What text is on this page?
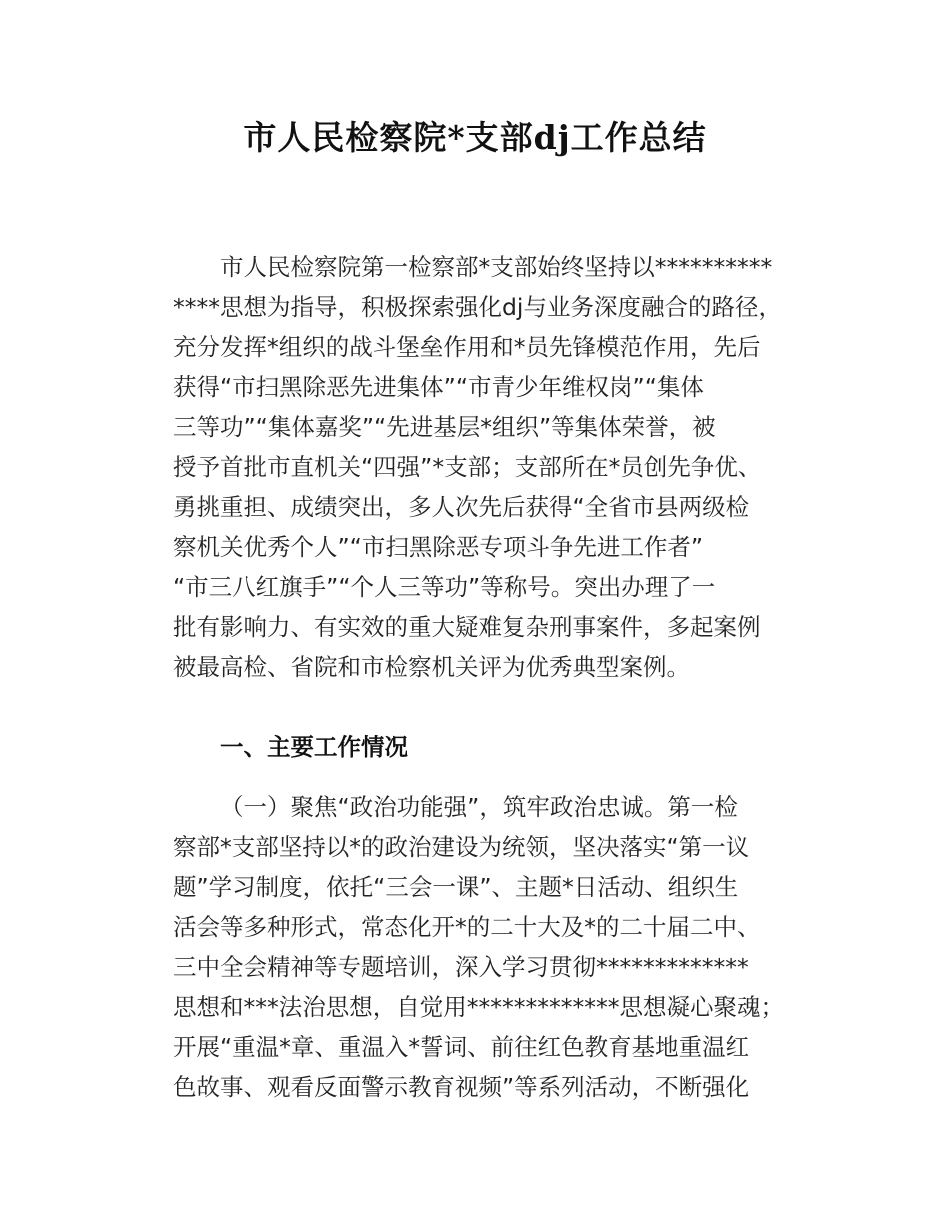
市人民检察院*支部dj工作总结
市人民检察院第一检察部*支部始终坚持以**********
****思想为指导，积极探索强化dj与业务深度融合的路径，
充分发挥*组织的战斗堡垒作用和*员先锋模范作用，先后
获得“市扫黑除恶先进集体”“市青少年维权岗”“集体
三等功”“集体嘉奖”“先进基层*组织”等集体荣誉，被
授予首批市直机关“四强”*支部；支部所在*员创先争优、
勇挑重担、成绩突出，多人次先后获得“全省市县两级检
察机关优秀个人”“市扫黑除恶专项斗争先进工作者”
“市三八红旗手”“个人三等功”等称号。突出办理了一
批有影响力、有实效的重大疑难复杂刑事案件，多起案例
被最高检、省院和市检察机关评为优秀典型案例。
一、主要工作情况
（一）聚焦“政治功能强”，筑牢政治忠诚。第一检
察部*支部坚持以*的政治建设为统领，坚决落实“第一议
题”学习制度，依托“三会一课”、主题*日活动、组织生
活会等多种形式，常态化开*的二十大及*的二十届二中、
三中全会精神等专题培训，深入学习贯彻*************
思想和***法治思想，自觉用*************思想凝心聚魂；
开展“重温*章、重温入*誓词、前往红色教育基地重温红
色故事、观看反面警示教育视频”等系列活动，不断强化
